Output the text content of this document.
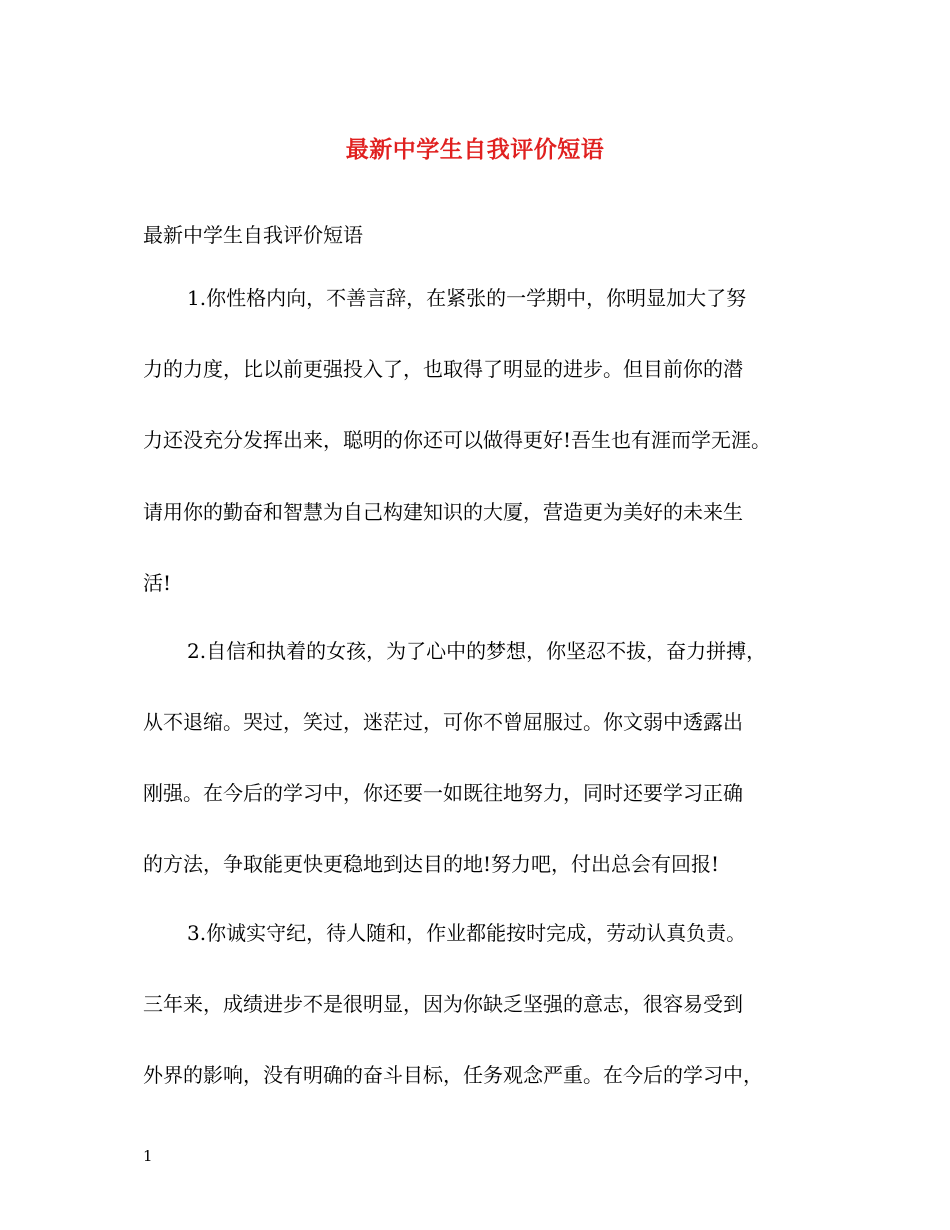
最新中学生自我评价短语
最新中学生自我评价短语
1.你性格内向，不善言辞，在紧张的一学期中，你明显加大了努
力的力度，比以前更强投入了，也取得了明显的进步。但目前你的潜
力还没充分发挥出来，聪明的你还可以做得更好!吾生也有涯而学无涯。
请用你的勤奋和智慧为自己构建知识的大厦，营造更为美好的未来生
活!
2.自信和执着的女孩，为了心中的梦想，你坚忍不拔，奋力拼搏，
从不退缩。哭过，笑过，迷茫过，可你不曾屈服过。你文弱中透露出
刚强。在今后的学习中，你还要一如既往地努力，同时还要学习正确
的方法，争取能更快更稳地到达目的地!努力吧，付出总会有回报!
3.你诚实守纪，待人随和，作业都能按时完成，劳动认真负责。
三年来，成绩进步不是很明显，因为你缺乏坚强的意志，很容易受到
外界的影响，没有明确的奋斗目标，任务观念严重。在今后的学习中，
1
